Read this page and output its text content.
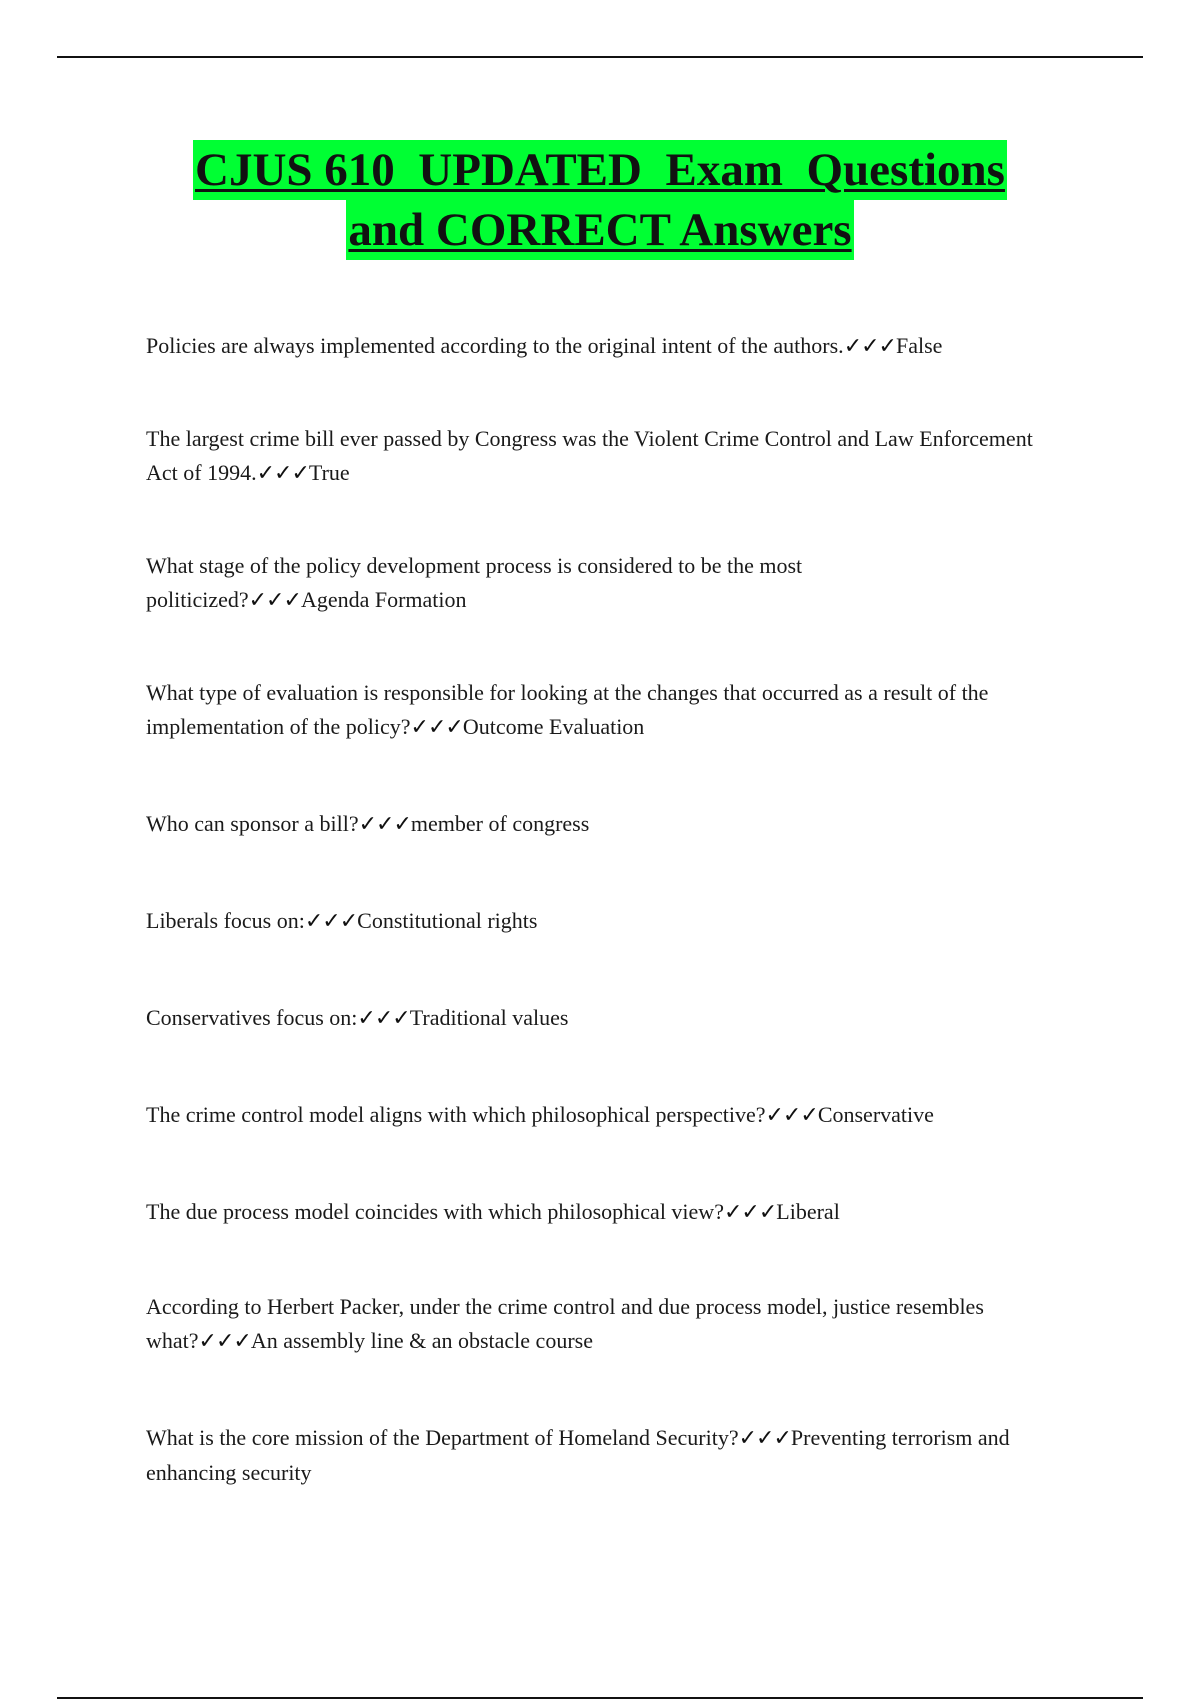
CJUS 610  UPDATED  Exam  Questions
and CORRECT Answers
Policies are always implemented according to the original intent of the authors.✓✓✓False
The largest crime bill ever passed by Congress was the Violent Crime Control and Law Enforcement Act of 1994.✓✓✓True
What stage of the policy development process is considered to be the most politicized?✓✓✓Agenda Formation
What type of evaluation is responsible for looking at the changes that occurred as a result of the implementation of the policy?✓✓✓Outcome Evaluation
Who can sponsor a bill?✓✓✓member of congress
Liberals focus on:✓✓✓Constitutional rights
Conservatives focus on:✓✓✓Traditional values
The crime control model aligns with which philosophical perspective?✓✓✓Conservative
The due process model coincides with which philosophical view?✓✓✓Liberal
According to Herbert Packer, under the crime control and due process model, justice resembles what?✓✓✓An assembly line & an obstacle course
What is the core mission of the Department of Homeland Security?✓✓✓Preventing terrorism and enhancing security
